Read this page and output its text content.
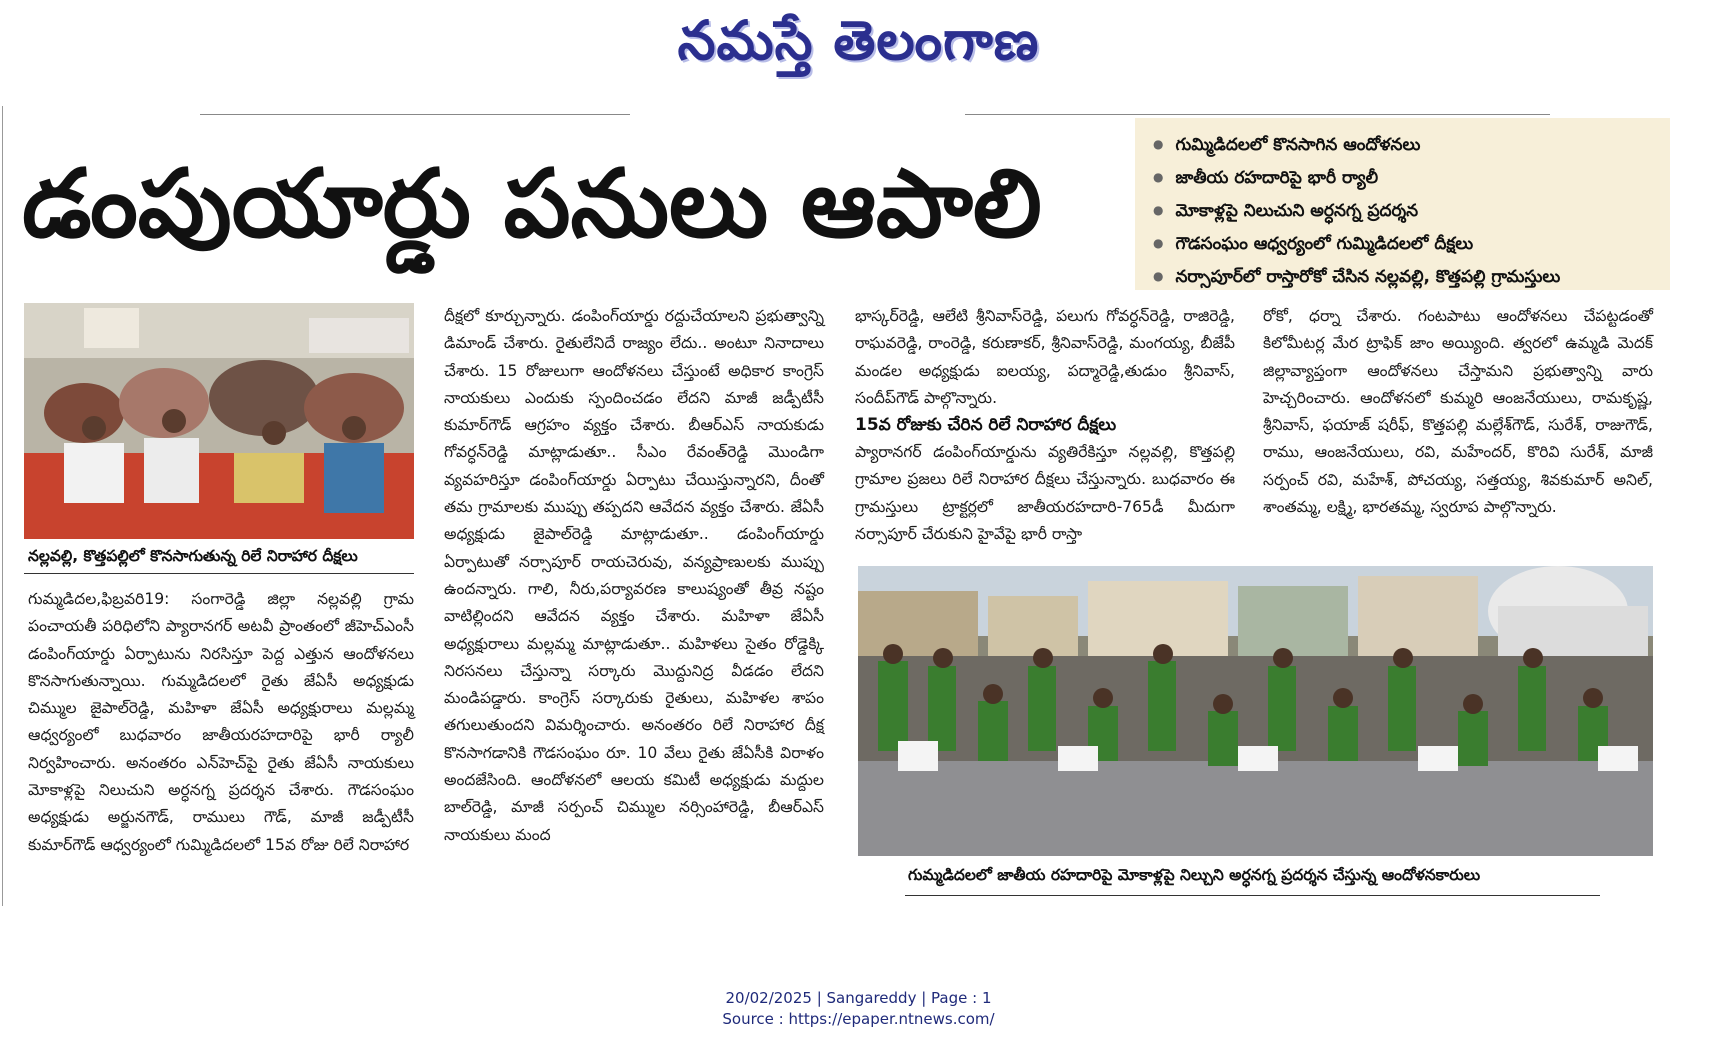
నమస్తే తెలంగాణ
డంపుయార్డు పనులు ఆపాలి
● గుమ్మిడిదలలో కొనసాగిన ఆందోళనలు
● జాతీయ రహదారిపై భారీ ర్యాలీ
● మోకాళ్లపై నిలుచుని అర్ధనగ్న ప్రదర్శన
● గౌడసంఘం ఆధ్వర్యంలో గుమ్మిడిదలలో దీక్షలు
● నర్సాపూర్‌లో రాస్తారోకో చేసిన నల్లవల్లి, కొత్తపల్లి గ్రామస్తులు
నల్లవల్లి, కొత్తపల్లిలో కొనసాగుతున్న రిలే నిరాహార దీక్షలు

గుమ్మడిదల,ఫిబ్రవరి19: సంగారెడ్డి జిల్లా నల్లవల్లి గ్రామ పంచాయతీ పరిధిలోని ప్యారానగర్ అటవీ ప్రాంతంలో జీహెచ్ఎంసీ డంపింగ్‌యార్డు ఏర్పాటును నిరసిస్తూ పెద్ద ఎత్తున ఆందోళనలు కొనసాగుతున్నాయి. గుమ్మడిదలలో రైతు జేఏసీ అధ్యక్షుడు చిమ్ముల జైపాల్‌రెడ్డి, మహిళా జేఏసీ అధ్యక్షురాలు మల్లమ్మ ఆధ్వర్యంలో బుధవారం జాతీయరహదారిపై భారీ ర్యాలీ నిర్వహించారు. అనంతరం ఎన్‌హెచ్‌పై రైతు జేఏసీ నాయకులు మోకాళ్లపై నిలుచుని అర్ధనగ్న ప్రదర్శన చేశారు. గౌడసంఘం అధ్యక్షుడు అర్జునగౌడ్, రాములు గౌడ్, మాజీ జడ్పీటీసీ కుమార్‌గౌడ్ ఆధ్వర్యంలో గుమ్మిడిదలలో 15వ రోజు రిలే నిరాహార

దీక్షలో కూర్చున్నారు. డంపింగ్‌యార్డు రద్దుచేయాలని ప్రభుత్వాన్ని డిమాండ్ చేశారు. రైతులేనిదే రాజ్యం లేదు.. అంటూ నినాదాలు చేశారు. 15 రోజులుగా ఆందోళనలు చేస్తుంటే అధికార కాంగ్రెస్ నాయకులు ఎందుకు స్పందించడం లేదని మాజీ జడ్పీటీసీ కుమార్‌గౌడ్ ఆగ్రహం వ్యక్తం చేశారు. బీఆర్‌ఎస్ నాయకుడు గోవర్ధన్‌రెడ్డి మాట్లాడుతూ.. సీఎం రేవంత్‌రెడ్డి మొండిగా వ్యవహరిస్తూ డంపింగ్‌యార్డు ఏర్పాటు చేయిస్తున్నారని, దీంతో తమ గ్రామాలకు ముప్పు తప్పదని ఆవేదన వ్యక్తం చేశారు. జేఏసీ అధ్యక్షుడు జైపాల్‌రెడ్డి మాట్లాడుతూ.. డంపింగ్‌యార్డు ఏర్పాటుతో నర్సాపూర్ రాయచెరువు, వన్యప్రాణులకు ముప్పు ఉందన్నారు. గాలి, నీరు,పర్యావరణ కాలుష్యంతో తీవ్ర నష్టం వాటిల్లిందని ఆవేదన వ్యక్తం చేశారు. మహిళా జేఏసీ అధ్యక్షురాలు మల్లమ్మ మాట్లాడుతూ.. మహిళలు సైతం రోడ్డెక్కి నిరసనలు చేస్తున్నా సర్కారు మొద్దునిద్ర వీడడం లేదని మండిపడ్డారు. కాంగ్రెస్ సర్కారుకు రైతులు, మహిళల శాపం తగులుతుందని విమర్శించారు. అనంతరం రిలే నిరాహార దీక్ష కొనసాగడానికి గౌడసంఘం రూ. 10 వేలు రైతు జేఏసీకి విరాళం అందజేసింది. ఆందోళనలో ఆలయ కమిటీ అధ్యక్షుడు మద్దుల బాల్‌రెడ్డి, మాజీ సర్పంచ్ చిమ్ముల నర్సింహారెడ్డి, బీఆర్‌ఎస్ నాయకులు మంద

భాస్కర్‌రెడ్డి, ఆలేటి శ్రీనివాస్‌రెడ్డి, పలుగు గోవర్ధన్‌రెడ్డి, రాజిరెడ్డి, రాఘవరెడ్డి, రాంరెడ్డి, కరుణాకర్, శ్రీనివాస్‌రెడ్డి, మంగయ్య, బీజేపీ మండల అధ్యక్షుడు ఐలయ్య, పద్మారెడ్డి,తుడుం శ్రీనివాస్, సందీప్‌గౌడ్ పాల్గొన్నారు.

15వ రోజుకు చేరిన రిలే నిరాహార దీక్షలు

ప్యారానగర్ డంపింగ్‌యార్డును వ్యతిరేకిస్తూ నల్లవల్లి, కొత్తపల్లి గ్రామాల ప్రజలు రిలే నిరాహార దీక్షలు చేస్తున్నారు. బుధవారం ఈ గ్రామస్తులు ట్రాక్టర్లలో జాతీయరహదారి-765డీ మీదుగా నర్సాపూర్ చేరుకుని హైవేపై భారీ రాస్తా

రోకో, ధర్నా చేశారు. గంటపాటు ఆందోళనలు చేపట్టడంతో కిలోమీటర్ల మేర ట్రాఫిక్ జాం అయ్యింది. త్వరలో ఉమ్మడి మెదక్ జిల్లావ్యాప్తంగా ఆందోళనలు చేస్తామని ప్రభుత్వాన్ని వారు హెచ్చరించారు. ఆందోళనలో కుమ్మరి ఆంజనేయులు, రామకృష్ణ, శ్రీనివాస్, ఫయాజ్ షరీఫ్, కొత్తపల్లి మల్లేశ్‌గౌడ్, సురేశ్, రాజుగౌడ్, రాము, ఆంజనేయులు, రవి, మహేందర్, కొరివి సురేశ్, మాజీ సర్పంచ్ రవి, మహేశ్, పోచయ్య, సత్తయ్య, శివకుమార్ అనిల్, శాంతమ్మ, లక్ష్మి, భారతమ్మ, స్వరూప పాల్గొన్నారు.

గుమ్మడిదలలో జాతీయ రహదారిపై మోకాళ్లపై నిల్చుని అర్ధనగ్న ప్రదర్శన చేస్తున్న ఆందోళనకారులు
20/02/2025 | Sangareddy | Page : 1
Source : https://epaper.ntnews.com/
